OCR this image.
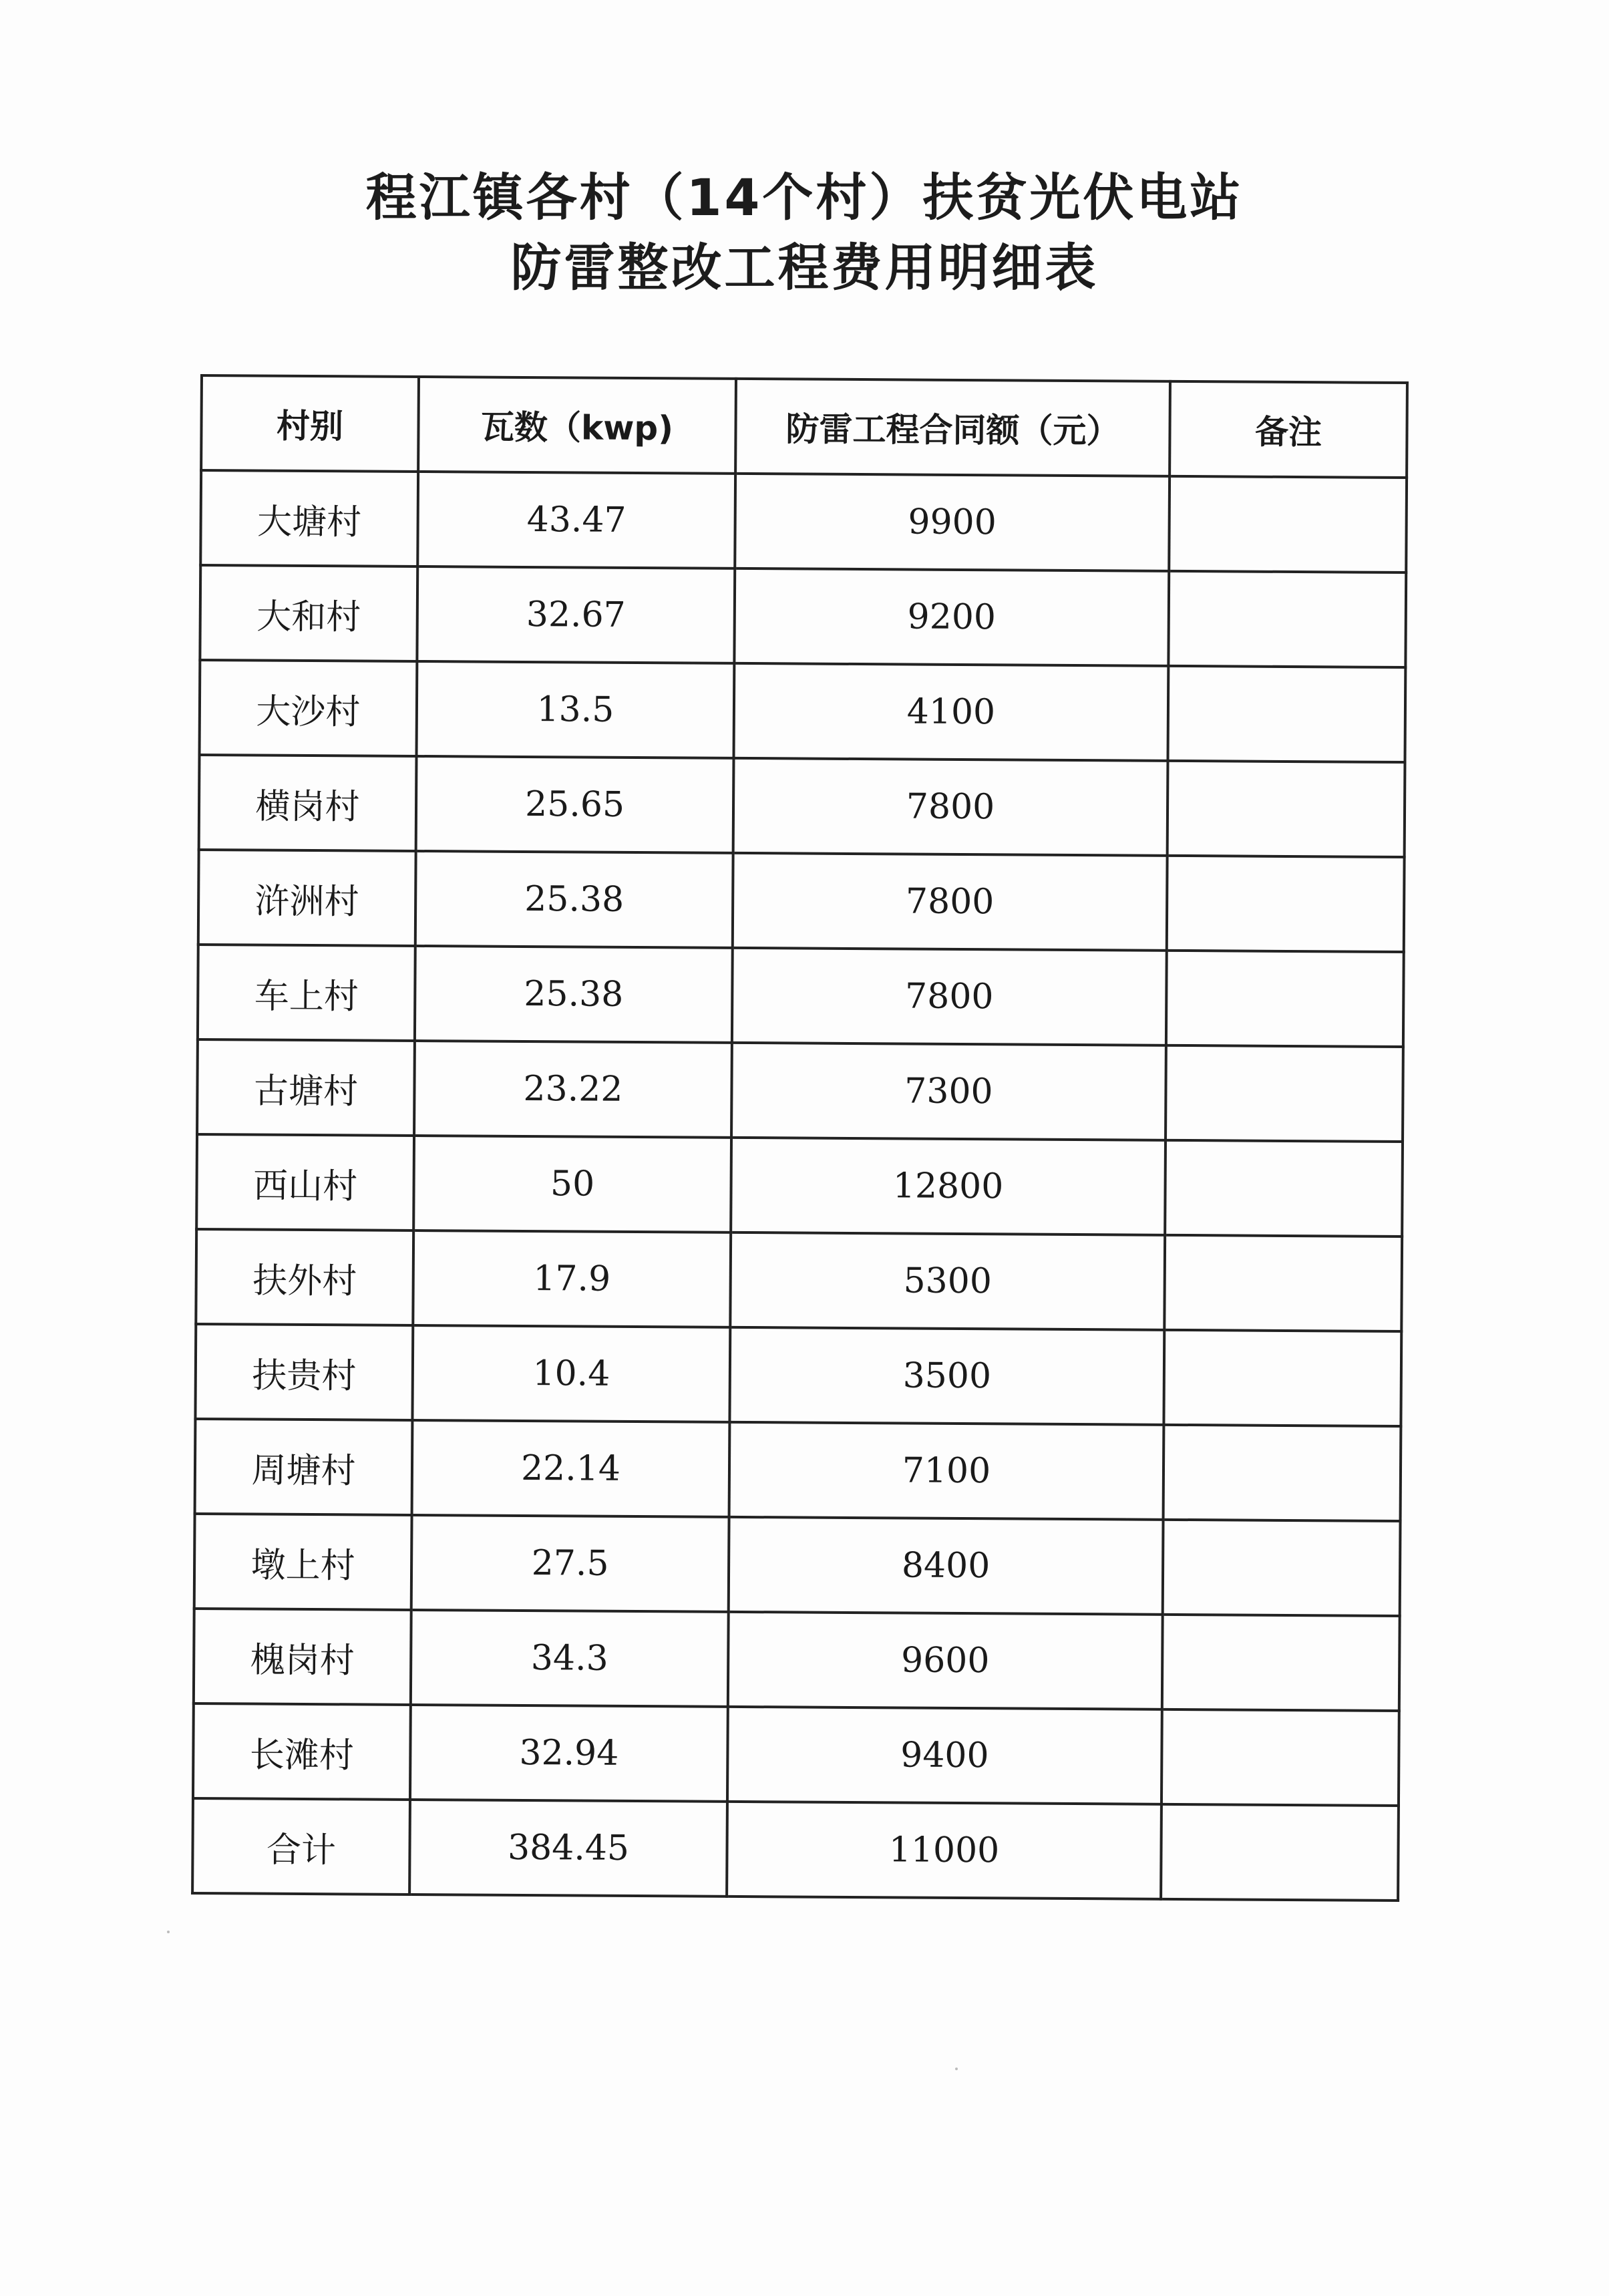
程江镇各村（14个村）扶贫光伏电站
防雷整改工程费用明细表
村别	瓦数（kwp)	防雷工程合同额（元）	备注
大塘村	43.47	9900	
大和村	32.67	9200	
大沙村	13.5	4100	
横岗村	25.65	7800	
浒洲村	25.38	7800	
车上村	25.38	7800	
古塘村	23.22	7300	
西山村	50	12800	
扶外村	17.9	5300	
扶贵村	10.4	3500	
周塘村	22.14	7100	
墩上村	27.5	8400	
槐岗村	34.3	9600	
长滩村	32.94	9400	
合计	384.45	11000	
